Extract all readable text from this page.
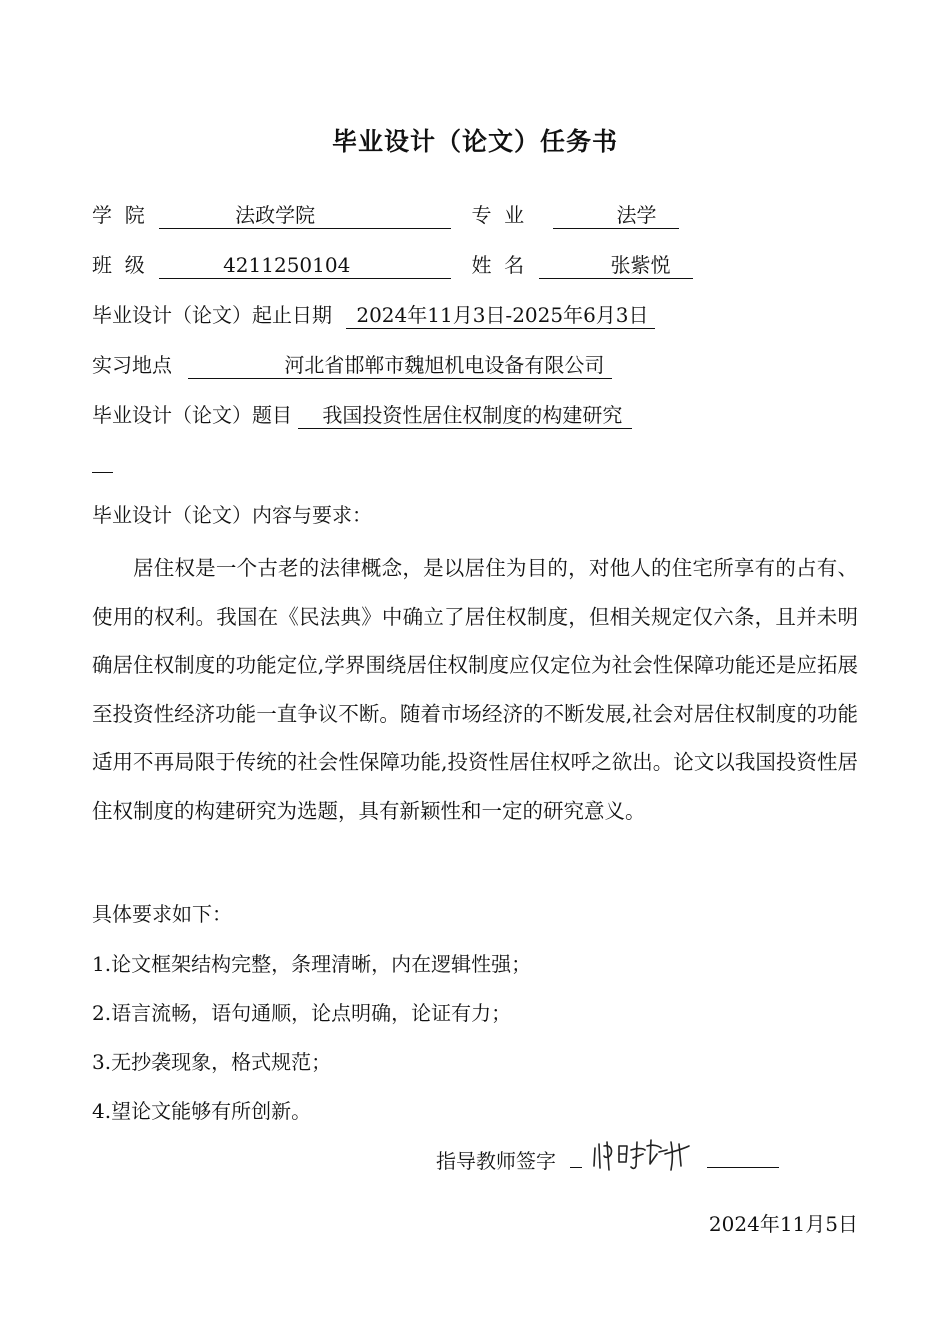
毕业设计（论文）任务书
学  院	法政学院	专  业	法学
班  级	4211250104	姓  名	张紫悦
毕业设计（论文）起止日期 2024年11月3日-2025年6月3日
实习地点	河北省邯郸市魏旭机电设备有限公司
毕业设计（论文）题目 我国投资性居住权制度的构建研究
毕业设计（论文）内容与要求：
居住权是一个古老的法律概念，是以居住为目的，对他人的住宅所享有的占有、使用的权利。我国在《民法典》中确立了居住权制度，但相关规定仅六条，且并未明确居住权制度的功能定位,学界围绕居住权制度应仅定位为社会性保障功能还是应拓展至投资性经济功能一直争议不断。随着市场经济的不断发展,社会对居住权制度的功能适用不再局限于传统的社会性保障功能,投资性居住权呼之欲出。论文以我国投资性居住权制度的构建研究为选题，具有新颖性和一定的研究意义。
具体要求如下：
1.论文框架结构完整，条理清晰，内在逻辑性强；
2.语言流畅，语句通顺，论点明确，论证有力；
3.无抄袭现象，格式规范；
4.望论文能够有所创新。
指导教师签字
2024年11月5日
